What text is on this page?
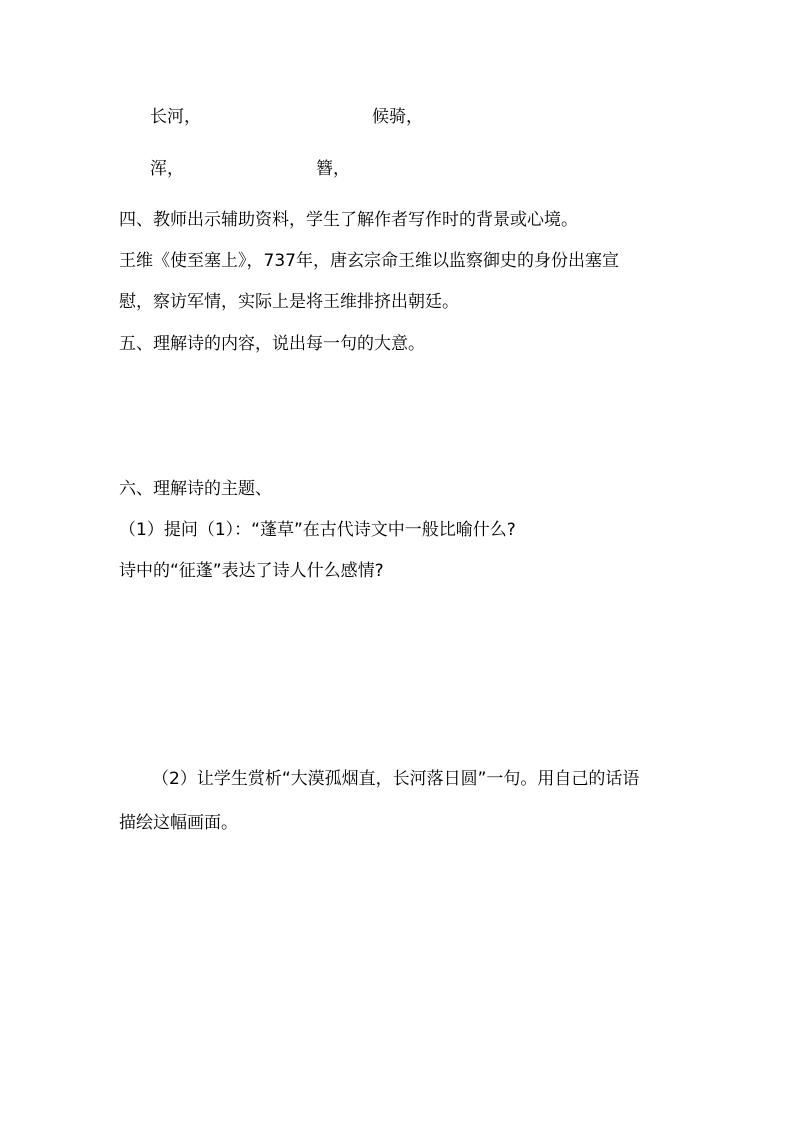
长河，	候骑，
浑，	簪，
四、教师出示辅助资料，学生了解作者写作时的背景或心境。
王维《使至塞上》，737年，唐玄宗命王维以监察御史的身份出塞宣
慰，察访军情，实际上是将王维排挤出朝廷。
五、理解诗的内容，说出每一句的大意。
六、理解诗的主题、
（1）提问（1）：“蓬草”在古代诗文中一般比喻什么?
诗中的“征蓬”表达了诗人什么感情?
（2）让学生赏析“大漠孤烟直，长河落日圆”一句。用自己的话语
描绘这幅画面。
